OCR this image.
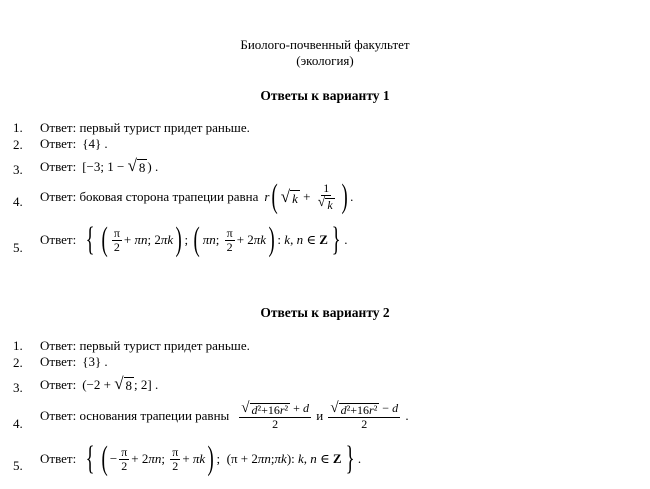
Биолого-почвенный факультет
(экология)
Ответы к варианту 1
1. Ответ: первый турист придет раньше.
2. Ответ: {4} .
3. Ответ: [−3; 1 − √ 8 ) .
4. Ответ: боковая сторона трапеции равна r ( √ $k + \frac{1}{√ k}$ ) .
5.
Ответ: { ( $\frac{\pi}{2} + \pi n$ ; 2 πk ) ; ( πn ; $\frac{\pi}{2} + 2$ πk ) : k , n ∈ Z } .
Ответы к варианту 2
1. Ответ: первый турист придет раньше.
2. Ответ: {3} .
3. Ответ: (−2 + √ 8 ; 2] .
4.
Ответ: основания трапеции равны $\frac{\text{√ d²+16r² + d}}{2}$
и
$\frac{\text{√ d²+16r² − d}}{2}$ .
5. Ответ: { ( − $\frac{\pi}{2} + 2$ πn ; $\frac{\pi}{2} + \pi k$ ) ;  (π + 2 πn ; πk ): k , n ∈ Z } .
